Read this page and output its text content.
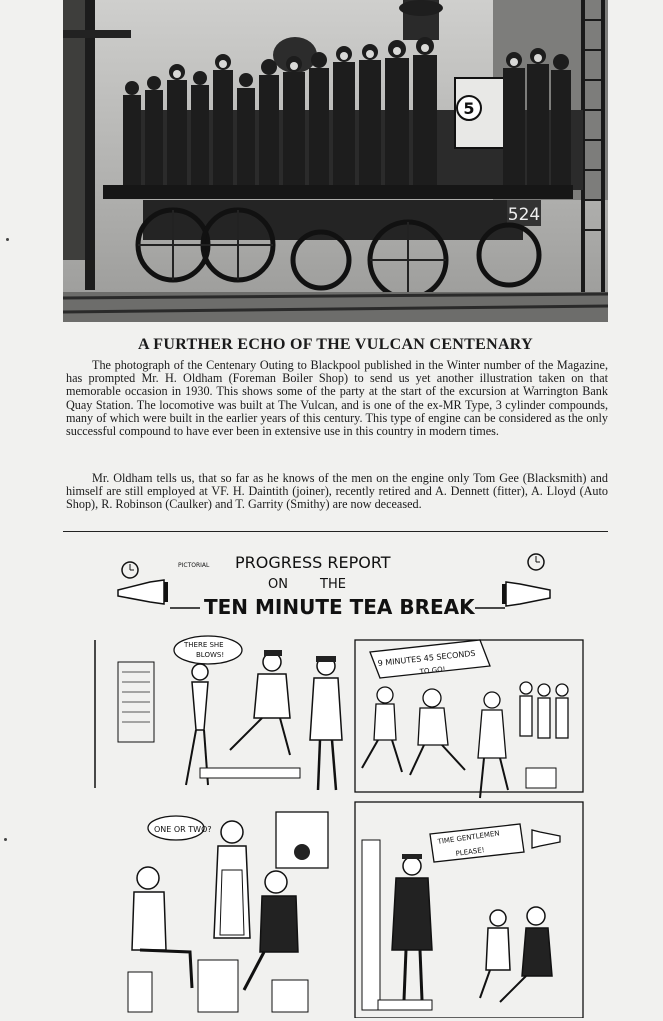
5
524
A FURTHER ECHO OF THE VULCAN CENTENARY

The photograph of the Centenary Outing to Blackpool published in the Winter number of the Magazine, has prompted Mr. H. Oldham (Foreman Boiler Shop) to send us yet another illustration taken on that memorable occasion in 1930. This shows some of the party at the start of the excursion at Warrington Bank Quay Station. The locomotive was built at The Vulcan, and is one of the ex-MR Type, 3 cylinder compounds, many of which were built in the earlier years of this century. This type of engine can be considered as the only successful compound to have ever been in extensive use in this country in modern times.

Mr. Oldham tells us, that so far as he knows of the men on the engine only Tom Gee (Blacksmith) and himself are still employed at VF. H. Daintith (joiner), recently retired and A. Dennett (fitter), A. Lloyd (Auto Shop), R. Robinson (Caulker) and T. Garrity (Smithy) are now deceased.

PICTORIAL PROGRESS REPORT
ON THE
TEN MINUTE TEA BREAK
THERE SHE
BLOWS!	9 MINUTES 45 SECONDS
TO GO!
ONE OR TWO?	TIME GENTLEMEN
PLEASE!
